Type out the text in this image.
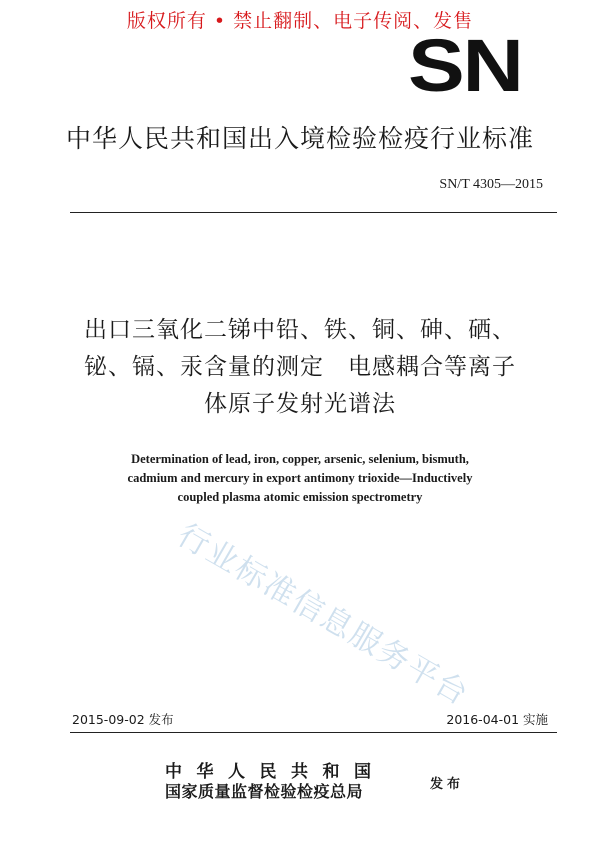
版权所有 • 禁止翻制、电子传阅、发售
SN
中华人民共和国出入境检验检疫行业标准
SN/T 4305—2015
出口三氧化二锑中铅、铁、铜、砷、硒、
铋、镉、汞含量的测定　电感耦合等离子
体原子发射光谱法
Determination of lead, iron, copper, arsenic, selenium, bismuth,
cadmium and mercury in export antimony trioxide—Inductively
coupled plasma atomic emission spectrometry
行业标准信息服务平台
2015-09-02 发布	2016-04-01 实施
中华人民共和国
国家质量监督检验检疫总局	发布
